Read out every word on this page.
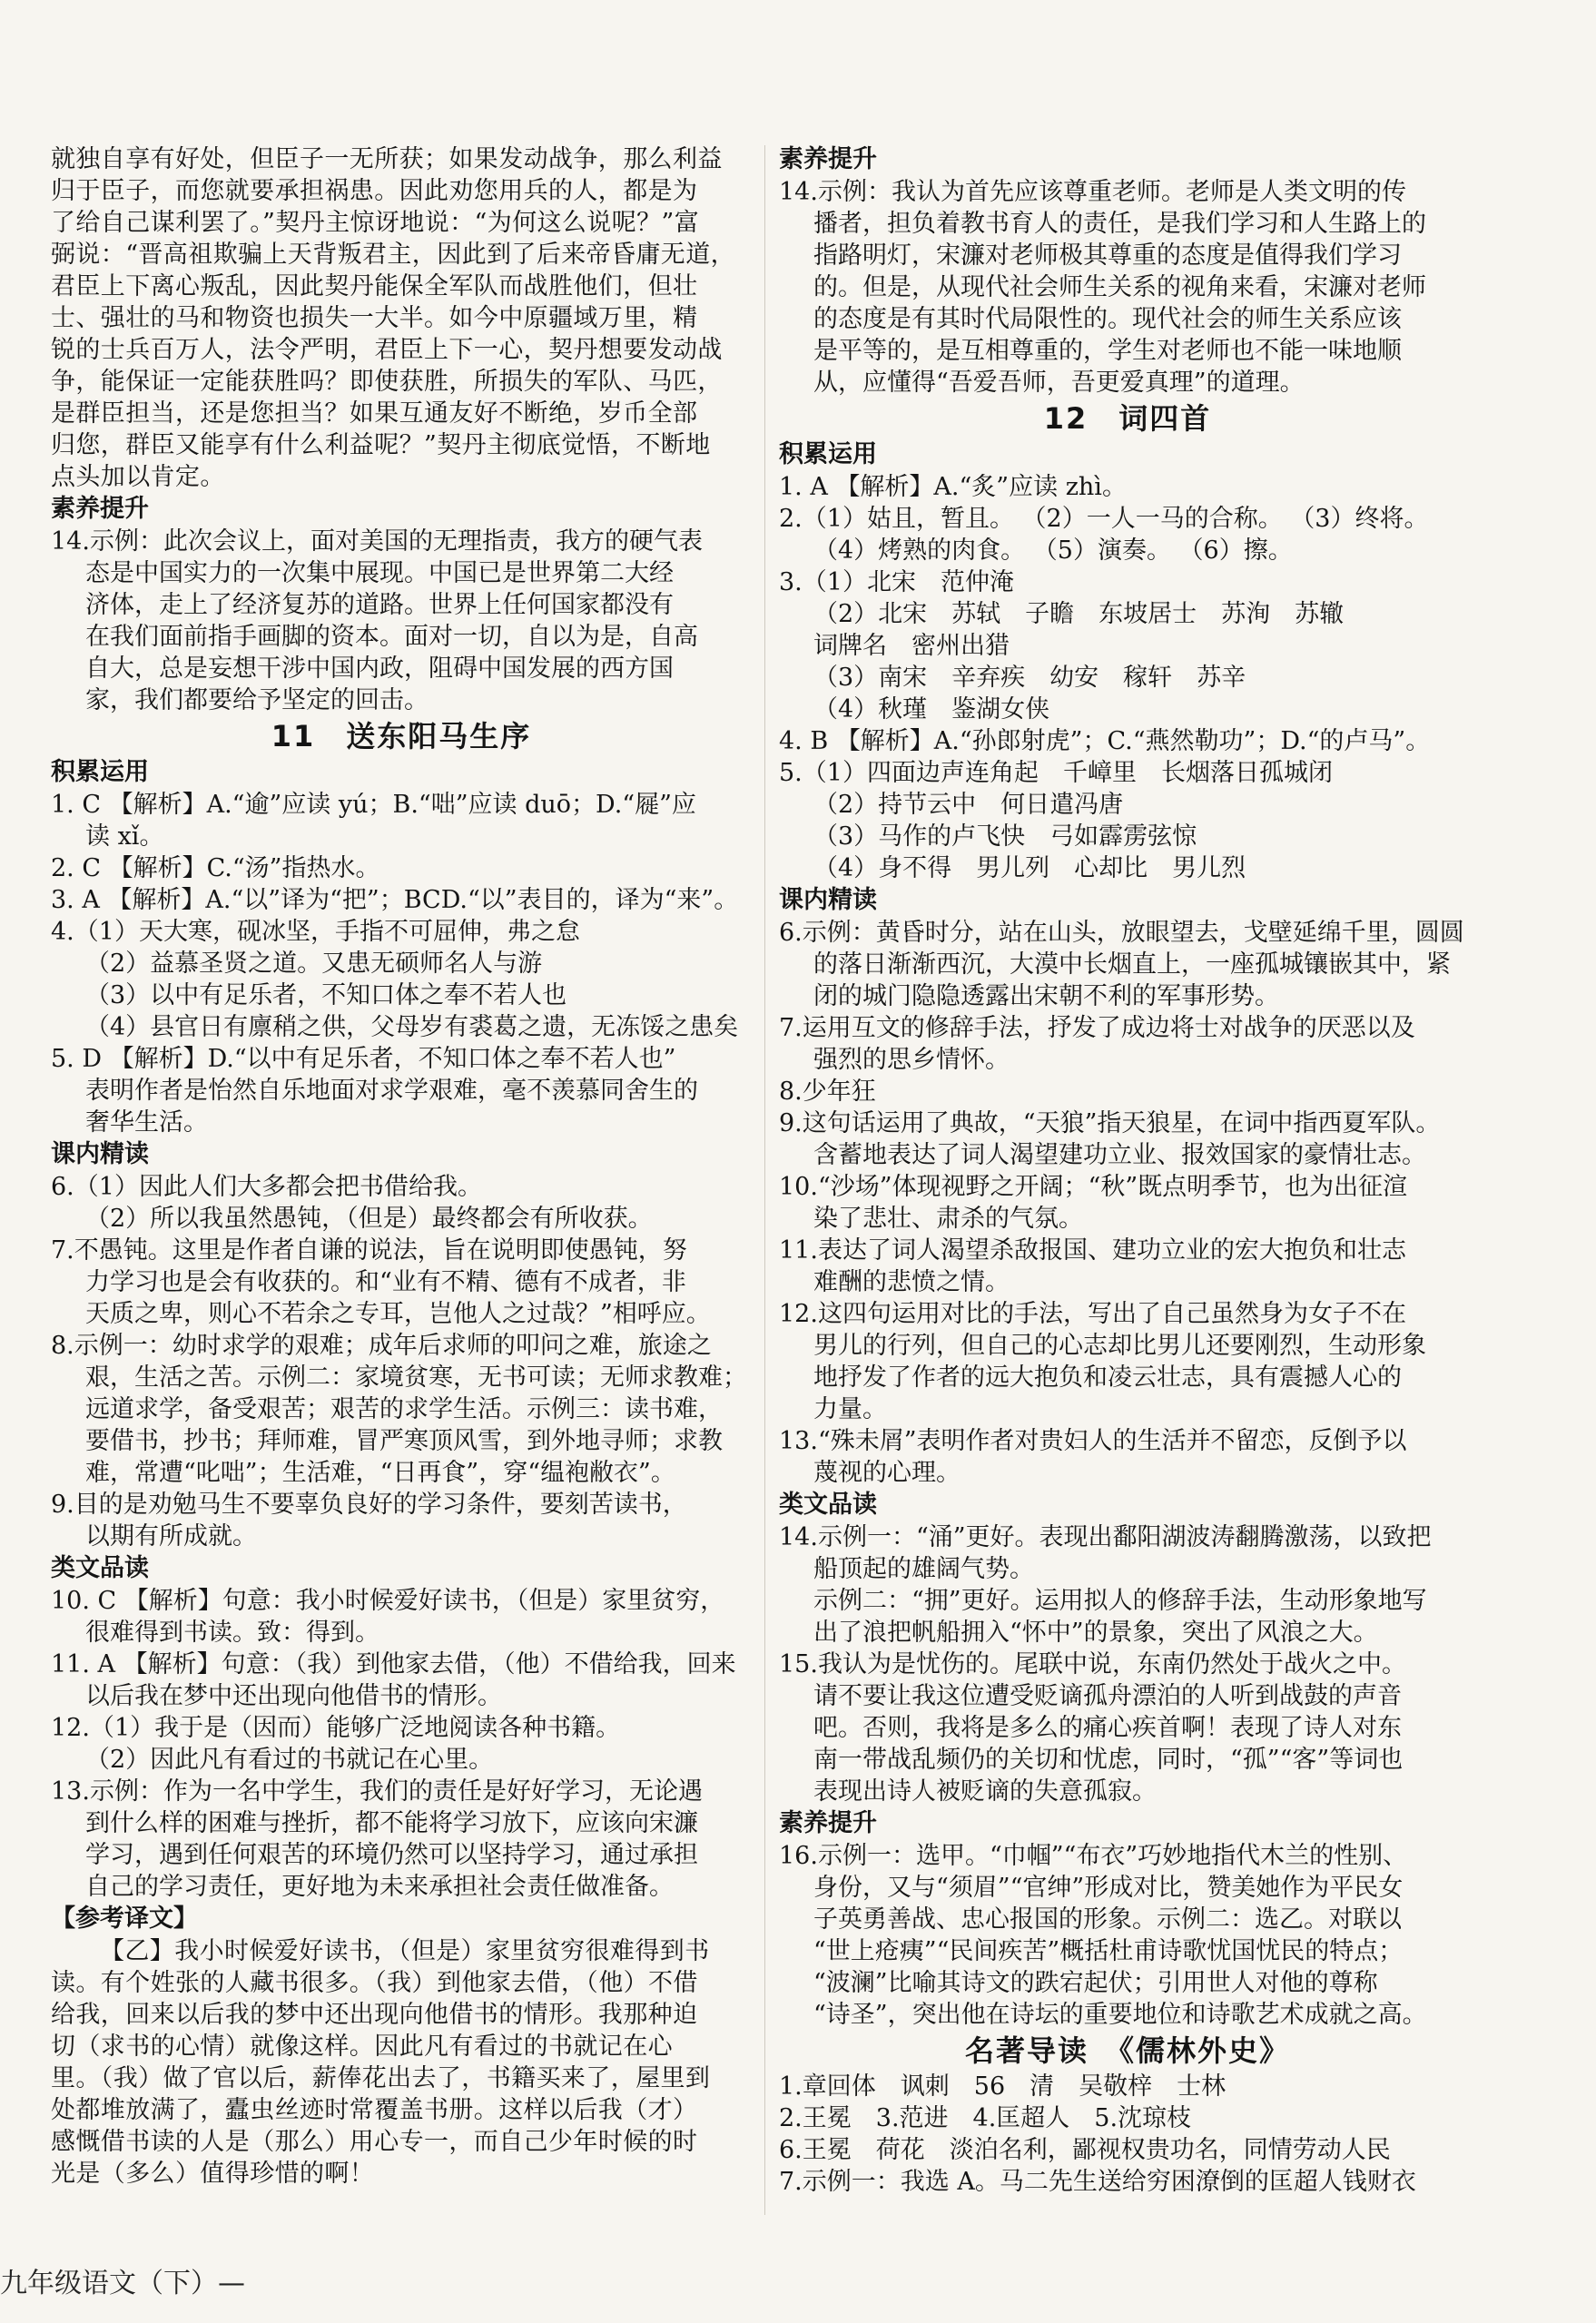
就独自享有好处，但臣子一无所获；如果发动战争，那么利益
归于臣子，而您就要承担祸患。因此劝您用兵的人，都是为
了给自己谋利罢了。”契丹主惊讶地说：“为何这么说呢？”富
弼说：“晋高祖欺骗上天背叛君主，因此到了后来帝昏庸无道，
君臣上下离心叛乱，因此契丹能保全军队而战胜他们，但壮
士、强壮的马和物资也损失一大半。如今中原疆域万里，精
锐的士兵百万人，法令严明，君臣上下一心，契丹想要发动战
争，能保证一定能获胜吗？即使获胜，所损失的军队、马匹，
是群臣担当，还是您担当？如果互通友好不断绝，岁币全部
归您，群臣又能享有什么利益呢？”契丹主彻底觉悟，不断地
点头加以肯定。
素养提升
14.示例：此次会议上，面对美国的无理指责，我方的硬气表
态是中国实力的一次集中展现。中国已是世界第二大经
济体，走上了经济复苏的道路。世界上任何国家都没有
在我们面前指手画脚的资本。面对一切，自以为是，自高
自大，总是妄想干涉中国内政，阻碍中国发展的西方国
家，我们都要给予坚定的回击。
11　送东阳马生序
积累运用
1. C 【解析】A.“逾”应读 yú；B.“咄”应读 duō；D.“屣”应
读 xǐ。
2. C 【解析】C.“汤”指热水。
3. A 【解析】A.“以”译为“把”；BCD.“以”表目的，译为“来”。
4.（1）天大寒，砚冰坚，手指不可屈伸，弗之怠
（2）益慕圣贤之道。又患无硕师名人与游
（3）以中有足乐者，不知口体之奉不若人也
（4）县官日有廪稍之供，父母岁有裘葛之遗，无冻馁之患矣
5. D 【解析】D.“以中有足乐者，不知口体之奉不若人也”
表明作者是怡然自乐地面对求学艰难，毫不羡慕同舍生的
奢华生活。
课内精读
6.（1）因此人们大多都会把书借给我。
（2）所以我虽然愚钝，（但是）最终都会有所收获。
7.不愚钝。这里是作者自谦的说法，旨在说明即使愚钝，努
力学习也是会有收获的。和“业有不精、德有不成者，非
天质之卑，则心不若余之专耳，岂他人之过哉？”相呼应。
8.示例一：幼时求学的艰难；成年后求师的叩问之难，旅途之
艰，生活之苦。示例二：家境贫寒，无书可读；无师求教难；
远道求学，备受艰苦；艰苦的求学生活。示例三：读书难，
要借书，抄书；拜师难，冒严寒顶风雪，到外地寻师；求教
难，常遭“叱咄”；生活难，“日再食”，穿“缊袍敝衣”。
9.目的是劝勉马生不要辜负良好的学习条件，要刻苦读书，
以期有所成就。
类文品读
10. C 【解析】句意：我小时候爱好读书，（但是）家里贫穷，
很难得到书读。致：得到。
11. A 【解析】句意：（我）到他家去借，（他）不借给我，回来
以后我在梦中还出现向他借书的情形。
12.（1）我于是（因而）能够广泛地阅读各种书籍。
（2）因此凡有看过的书就记在心里。
13.示例：作为一名中学生，我们的责任是好好学习，无论遇
到什么样的困难与挫折，都不能将学习放下，应该向宋濂
学习，遇到任何艰苦的环境仍然可以坚持学习，通过承担
自己的学习责任，更好地为未来承担社会责任做准备。
【参考译文】
【乙】我小时候爱好读书，（但是）家里贫穷很难得到书
读。有个姓张的人藏书很多。（我）到他家去借，（他）不借
给我，回来以后我的梦中还出现向他借书的情形。我那种迫
切（求书的心情）就像这样。因此凡有看过的书就记在心
里。（我）做了官以后，薪俸花出去了，书籍买来了，屋里到
处都堆放满了，蠹虫丝迹时常覆盖书册。这样以后我（才）
感慨借书读的人是（那么）用心专一，而自己少年时候的时
光是（多么）值得珍惜的啊！
素养提升
14.示例：我认为首先应该尊重老师。老师是人类文明的传
播者，担负着教书育人的责任，是我们学习和人生路上的
指路明灯，宋濂对老师极其尊重的态度是值得我们学习
的。但是，从现代社会师生关系的视角来看，宋濂对老师
的态度是有其时代局限性的。现代社会的师生关系应该
是平等的，是互相尊重的，学生对老师也不能一味地顺
从，应懂得“吾爱吾师，吾更爱真理”的道理。
12　词四首
积累运用
1. A 【解析】A.“炙”应读 zhì。
2.（1）姑且，暂且。 （2）一人一马的合称。 （3）终将。
（4）烤熟的肉食。 （5）演奏。 （6）擦。
3.（1）北宋　范仲淹
（2）北宋　苏轼　子瞻　东坡居士　苏洵　苏辙
词牌名　密州出猎
（3）南宋　辛弃疾　幼安　稼轩　苏辛
（4）秋瑾　鉴湖女侠
4. B 【解析】A.“孙郎射虎”；C.“燕然勒功”；D.“的卢马”。
5.（1）四面边声连角起　千嶂里　长烟落日孤城闭
（2）持节云中　何日遣冯唐
（3）马作的卢飞快　弓如霹雳弦惊
（4）身不得　男儿列　心却比　男儿烈
课内精读
6.示例：黄昏时分，站在山头，放眼望去，戈壁延绵千里，圆圆
的落日渐渐西沉，大漠中长烟直上，一座孤城镶嵌其中，紧
闭的城门隐隐透露出宋朝不利的军事形势。
7.运用互文的修辞手法，抒发了成边将士对战争的厌恶以及
强烈的思乡情怀。
8.少年狂
9.这句话运用了典故，“天狼”指天狼星，在词中指西夏军队。
含蓄地表达了词人渴望建功立业、报效国家的豪情壮志。
10.“沙场”体现视野之开阔；“秋”既点明季节，也为出征渲
染了悲壮、肃杀的气氛。
11.表达了词人渴望杀敌报国、建功立业的宏大抱负和壮志
难酬的悲愤之情。
12.这四句运用对比的手法，写出了自己虽然身为女子不在
男儿的行列，但自己的心志却比男儿还要刚烈，生动形象
地抒发了作者的远大抱负和凌云壮志，具有震撼人心的
力量。
13.“殊未屑”表明作者对贵妇人的生活并不留恋，反倒予以
蔑视的心理。
类文品读
14.示例一：“涌”更好。表现出鄱阳湖波涛翻腾激荡，以致把
船顶起的雄阔气势。
示例二：“拥”更好。运用拟人的修辞手法，生动形象地写
出了浪把帆船拥入“怀中”的景象，突出了风浪之大。
15.我认为是忧伤的。尾联中说，东南仍然处于战火之中。
请不要让我这位遭受贬谪孤舟漂泊的人听到战鼓的声音
吧。否则，我将是多么的痛心疾首啊！表现了诗人对东
南一带战乱频仍的关切和忧虑，同时，“孤”“客”等词也
表现出诗人被贬谪的失意孤寂。
素养提升
16.示例一：选甲。“巾帼”“布衣”巧妙地指代木兰的性别、
身份，又与“须眉”“官绅”形成对比，赞美她作为平民女
子英勇善战、忠心报国的形象。示例二：选乙。对联以
“世上疮痍”“民间疾苦”概括杜甫诗歌忧国忧民的特点；
“波澜”比喻其诗文的跌宕起伏；引用世人对他的尊称
“诗圣”，突出他在诗坛的重要地位和诗歌艺术成就之高。
名著导读　《儒林外史》
1.章回体　讽刺　56　清　吴敬梓　士林
2.王冕　3.范进　4.匡超人　5.沈琼枝
6.王冕　荷花　淡泊名利，鄙视权贵功名，同情劳动人民
7.示例一：我选 A。马二先生送给穷困潦倒的匡超人钱财衣
九年级语文（下）—
